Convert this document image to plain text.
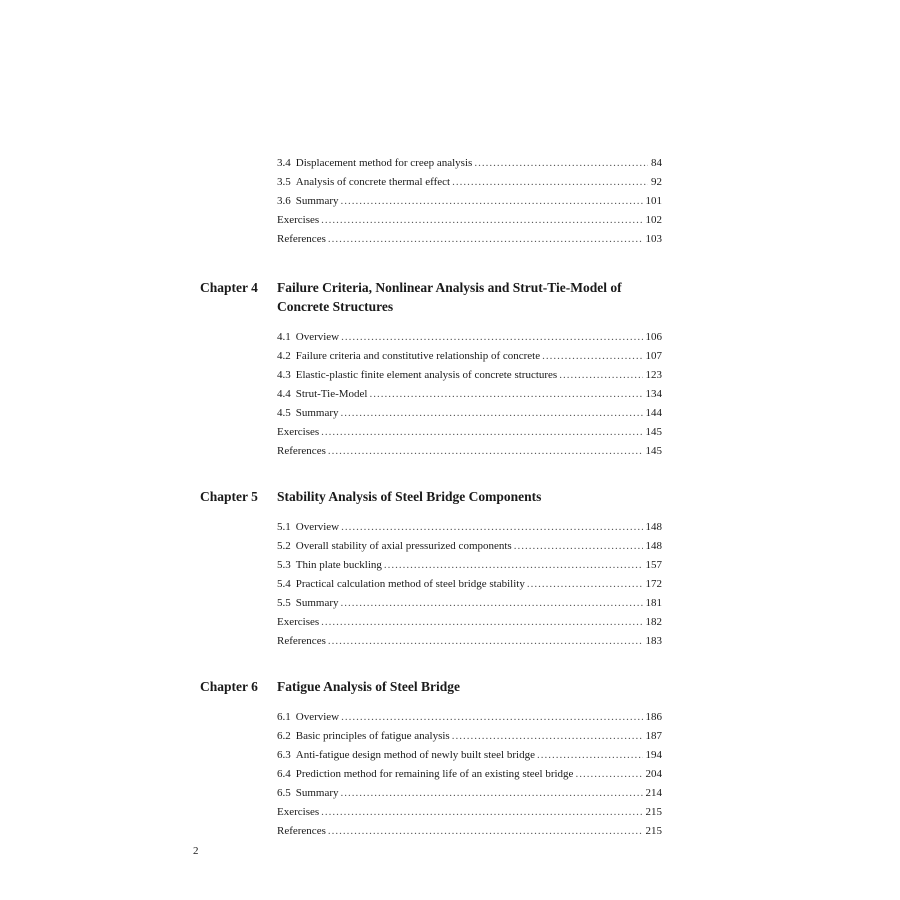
3.4 Displacement method for creep analysis .....	84
3.5 Analysis of concrete thermal effect .....	92
3.6 Summary .....	101
Exercises .....	102
References .....	103
Chapter 4	Failure Criteria, Nonlinear Analysis and Strut-Tie-Model of Concrete Structures
4.1 Overview .....	106
4.2 Failure criteria and constitutive relationship of concrete .....	107
4.3 Elastic-plastic finite element analysis of concrete structures .....	123
4.4 Strut-Tie-Model .....	134
4.5 Summary .....	144
Exercises .....	145
References .....	145
Chapter 5	Stability Analysis of Steel Bridge Components
5.1 Overview .....	148
5.2 Overall stability of axial pressurized components .....	148
5.3 Thin plate buckling .....	157
5.4 Practical calculation method of steel bridge stability .....	172
5.5 Summary .....	181
Exercises .....	182
References .....	183
Chapter 6	Fatigue Analysis of Steel Bridge
6.1 Overview .....	186
6.2 Basic principles of fatigue analysis .....	187
6.3 Anti-fatigue design method of newly built steel bridge .....	194
6.4 Prediction method for remaining life of an existing steel bridge .....	204
6.5 Summary .....	214
Exercises .....	215
References .....	215
2
